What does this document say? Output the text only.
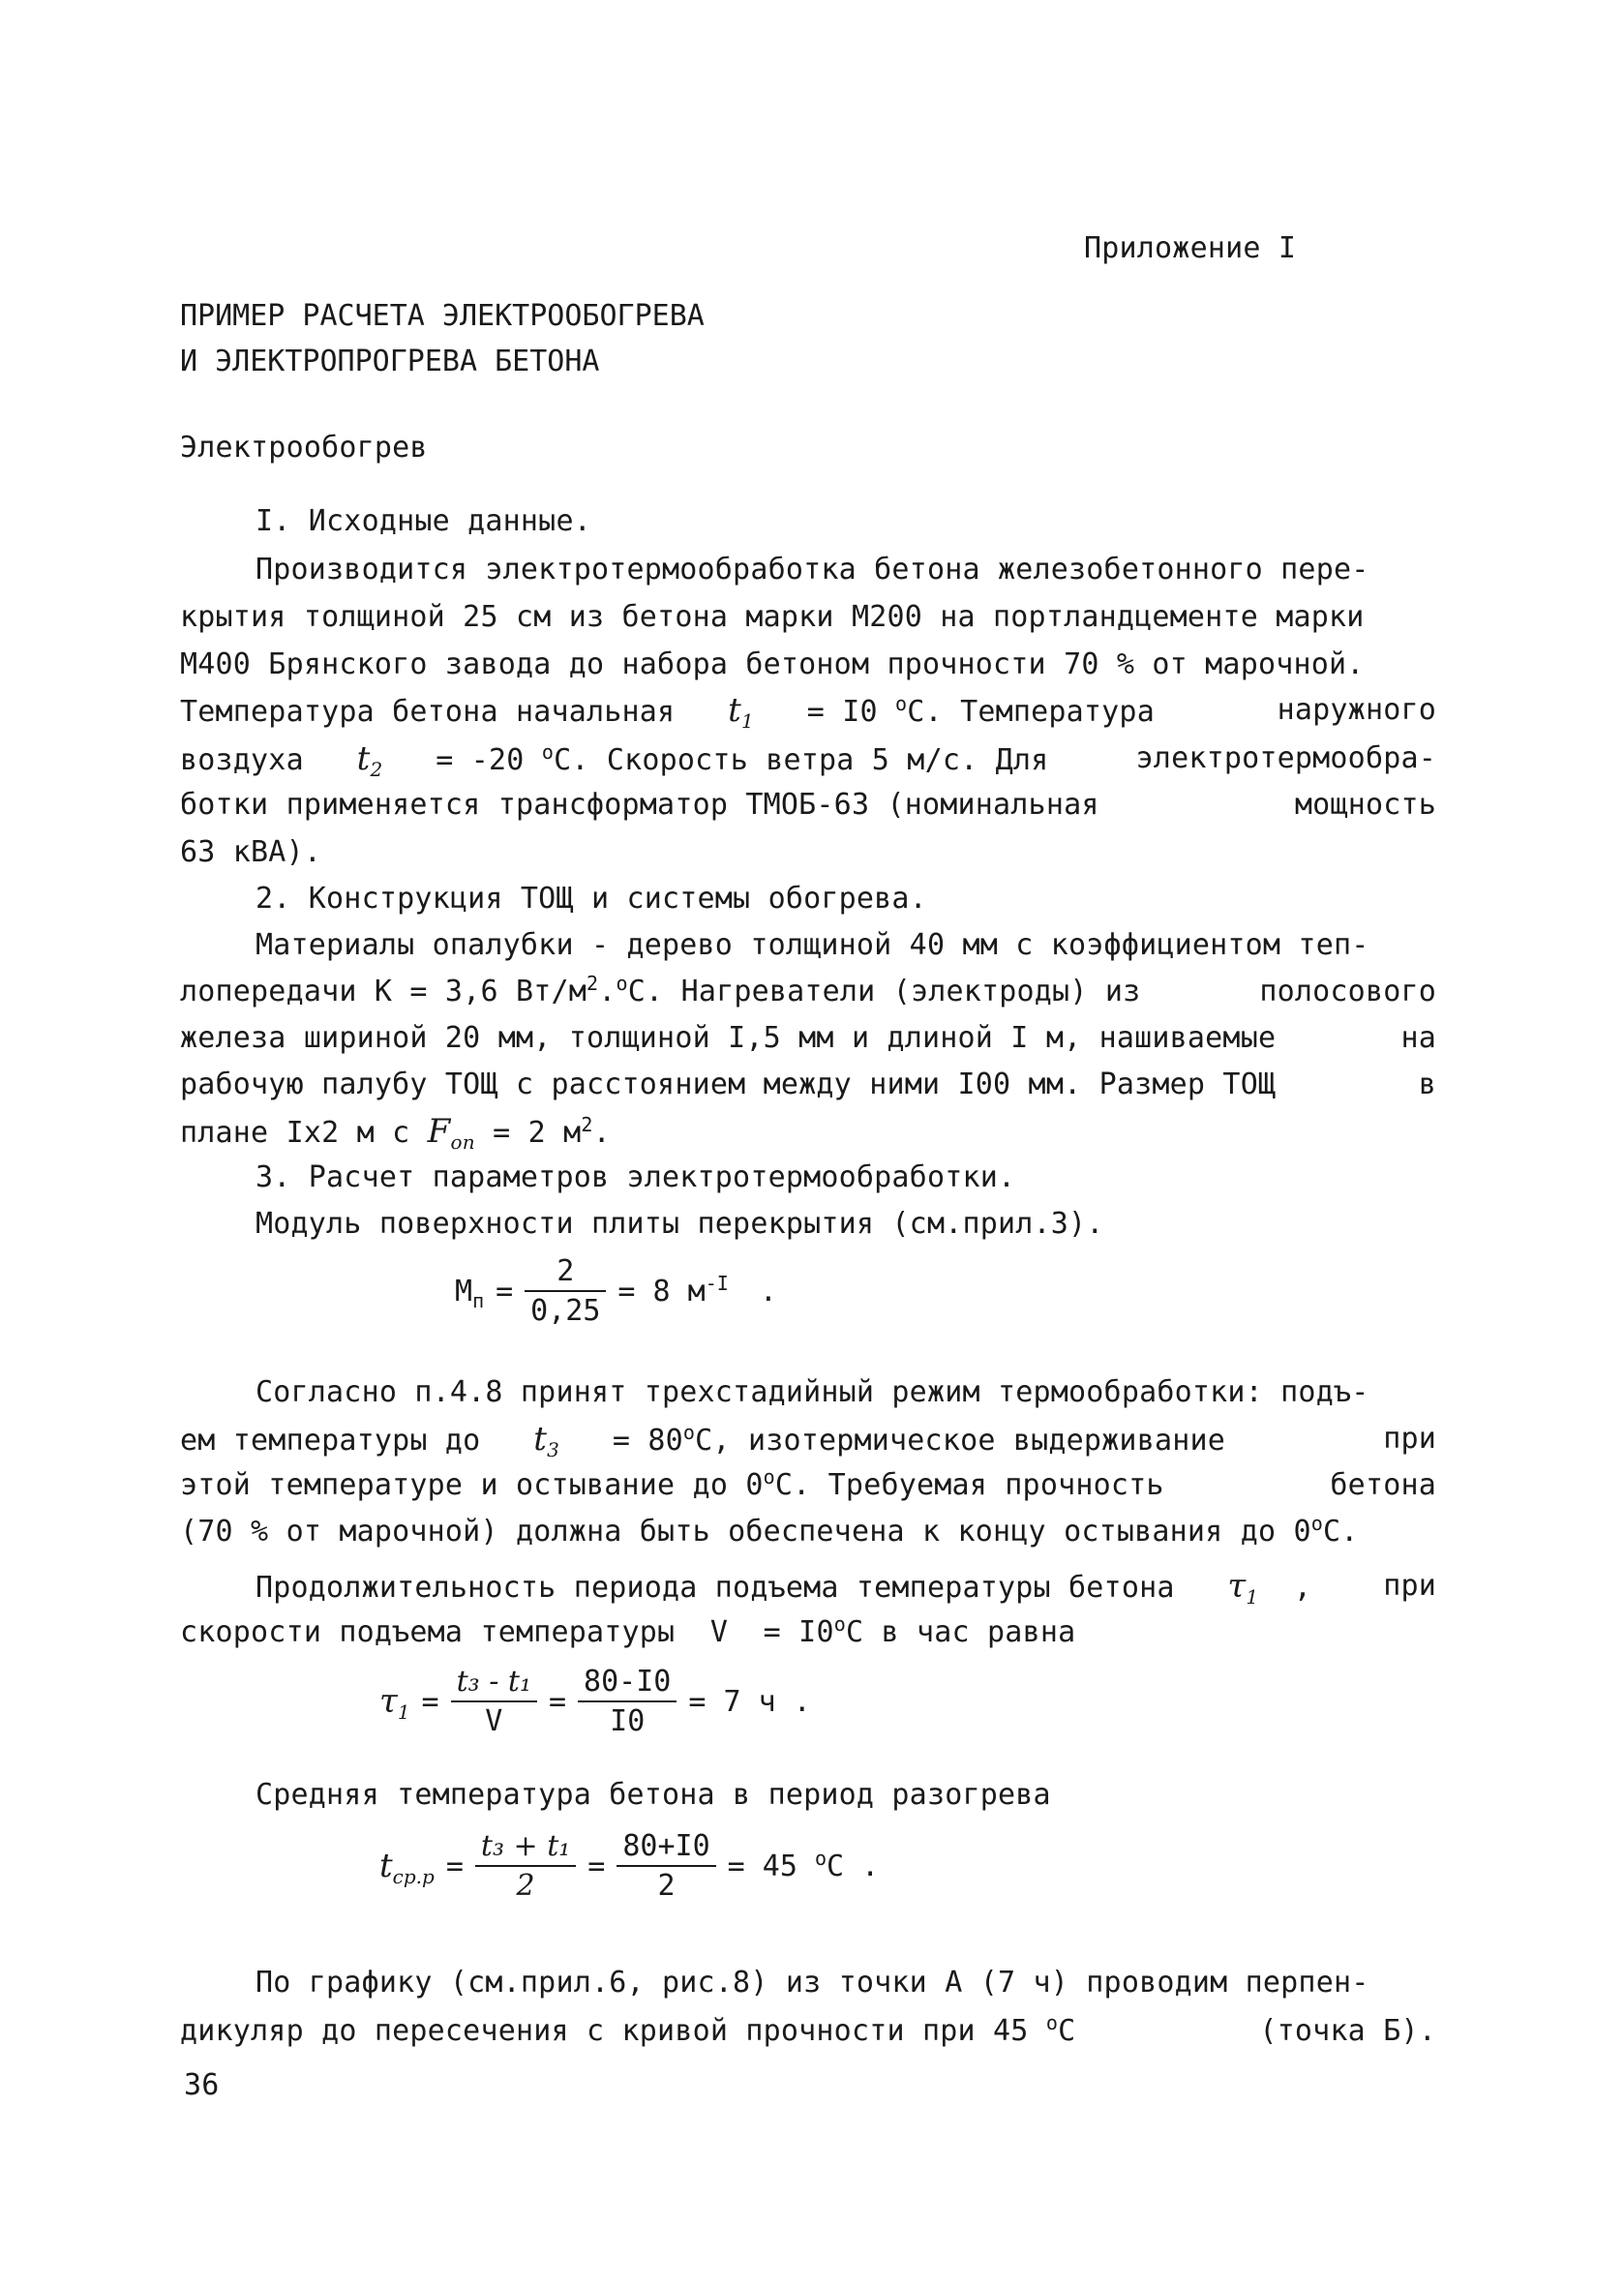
Приложение I
ПРИМЕР РАСЧЕТА ЭЛЕКТРООБОГРЕВА
И ЭЛЕКТРОПРОГРЕВА БЕТОНА
Электрообогрев
I. Исходные данные.
Производится электротермообработка бетона железобетонного пере-
крытия толщиной 25 см из бетона марки М200 на портландцементе марки
М400 Брянского завода до набора бетоном прочности 70 % от марочной.
Температура бетона начальная $t_1 = I0$ $^o$C. Температура	наружного
воздуха $t_2 = -20$ $^o$C. Скорость ветра 5 м/с. Для	электротермообра-
ботки применяется трансформатор ТМОБ-63 (номинальная	мощность
63 кВА).
2. Конструкция ТОЩ и системы обогрева.
Материалы опалубки - дерево толщиной 40 мм с коэффициентом теп-
лопередачи К = 3,6 $Вт/м^2.^oC$. Нагреватели (электроды) из	полосового
железа шириной 20 мм, толщиной I,5 мм и длиной I м, нашиваемые	на
рабочую палубу ТОЩ с расстоянием между ними I00 мм. Размер ТОЩ	в
плане Iх2 м с $F_{оп} = 2$ $м^2$.
3. Расчет параметров электротермообработки.
Модуль поверхности плиты перекрытия (см.прил.3).
$М_п = \frac{2}{0,25} = 8$ $м^{-I}$ .
Согласно п.4.8 принят трехстадийный режим термообработки: подъ-
ем температуры до $t_3 = 80^oC$, изотермическое выдерживание	при
этой температуре и остывание до 0$^o$C. Требуемая прочность	бетона
(70 % от марочной) должна быть обеспечена к концу остывания до 0$^o$C.
Продолжительность периода подъема температуры бетона $\tau_1$ , при
скорости подъема температуры $V = I0^oC$ в час равна
$\tau_1 = \frac{\text{t₃ - t₁}}{V} = \frac{80-I0}{I0} = 7$ ч .
Средняя температура бетона в период разогрева
$t_{ср.р} = \frac{\text{t₃ + t₁}}{2} = \frac{80+I0}{2} = 45$ $^o$C .
По графику (см.прил.6, рис.8) из точки А (7 ч) проводим перпен-
дикуляр до пересечения с кривой прочности при 45 $^o$C	(точка Б).
36
